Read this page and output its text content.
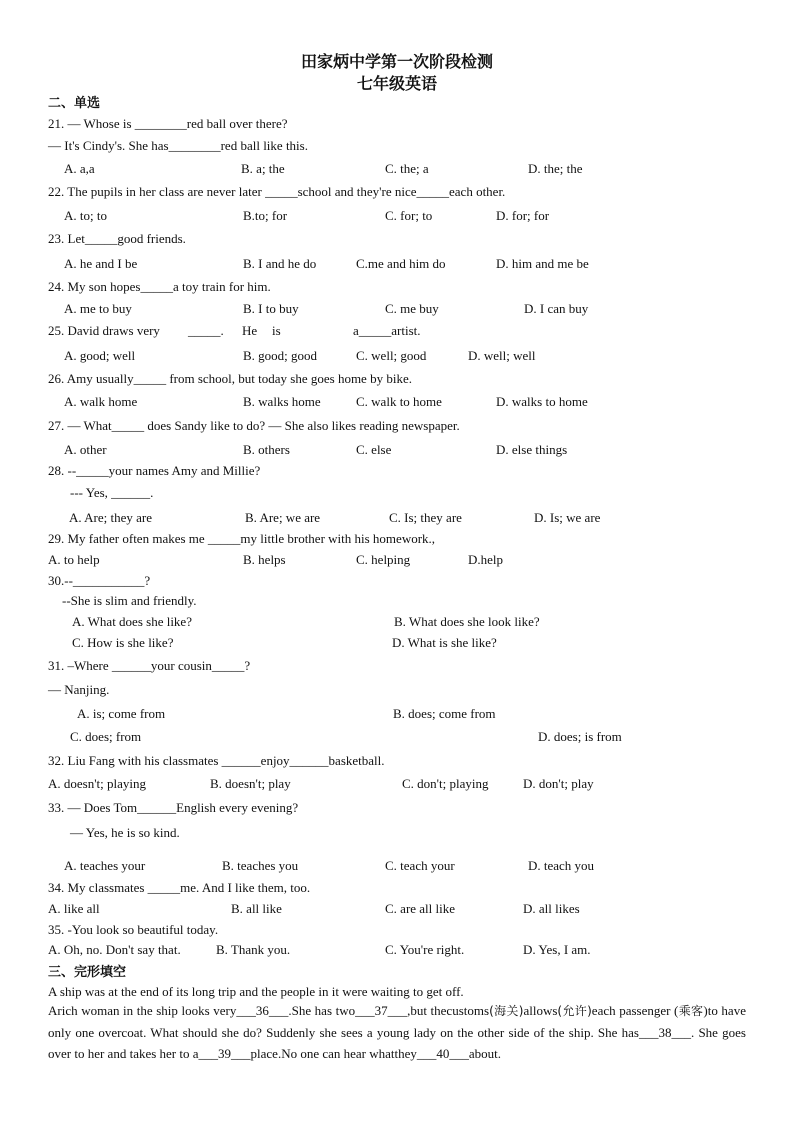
田家炳中学第一次阶段检测
七年级英语
二、单选
21. — Whose is ________red ball over there?
— It's Cindy's. She has________red ball like this.
A. a,a	B. a; the	C. the; a	D. the; the
22. The pupils in her class are never later _____school and they're nice_____each other.
A. to; to	B.to; for	C. for; to	D. for; for
23. Let_____good friends.
A. he and I be	B. I and he do	C.me and him do	D. him and me be
24. My son hopes_____a toy train for him.
A. me to buy	B. I to buy	C. me buy	D. I can buy
25. David draws very _____. He is	a_____artist.
A. good; well	B. good; good	C. well; good	D. well; well
26. Amy usually_____ from school, but today she goes home by bike.
A. walk home	B. walks home	C. walk to home	D. walks to home
27. — What_____ does Sandy like to do? — She also likes reading newspaper.
A. other	B. others	C. else	D. else things
28. --_____your names Amy and Millie?
--- Yes, ______.
A. Are; they are	B. Are; we are	C. Is; they are	D. Is; we are
29. My father often makes me _____my little brother with his homework.,
A. to help	B. helps	C. helping	D.help
30.--___________?
--She is slim and friendly.
A. What does she like?	B. What does she look like?
C. How is she like?	D. What is she like?
31. –Where ______your cousin_____?
— Nanjing.
A. is; come from	B. does; come from
C. does; from	D. does; is from
32. Liu Fang with his classmates ______enjoy______basketball.
A. doesn't; playing	B. doesn't; play	C. don't; playing	D. don't; play
33. — Does Tom______English every evening?
— Yes, he is so kind.
A. teaches your	B. teaches you	C. teach your	D. teach you
34. My classmates _____me. And I like them, too.
A. like all	B. all like	C. are all like	D. all likes
35. -You look so beautiful today.
A. Oh, no. Don't say that.	B. Thank you.	C. You're right.	D. Yes, I am.
三、完形填空
A ship was at the end of its long trip and the people in it were waiting to get off.
Arich woman in the ship looks very___36___.She has two___37___,but thecustoms(海关)allows(允许)each passenger (乘客)to have only one overcoat. What should she do? Suddenly she sees a young lady on the other side of the ship. She has___38___. She goes over to her and takes her to a___39___place.No one can hear whatthey___40___about.
